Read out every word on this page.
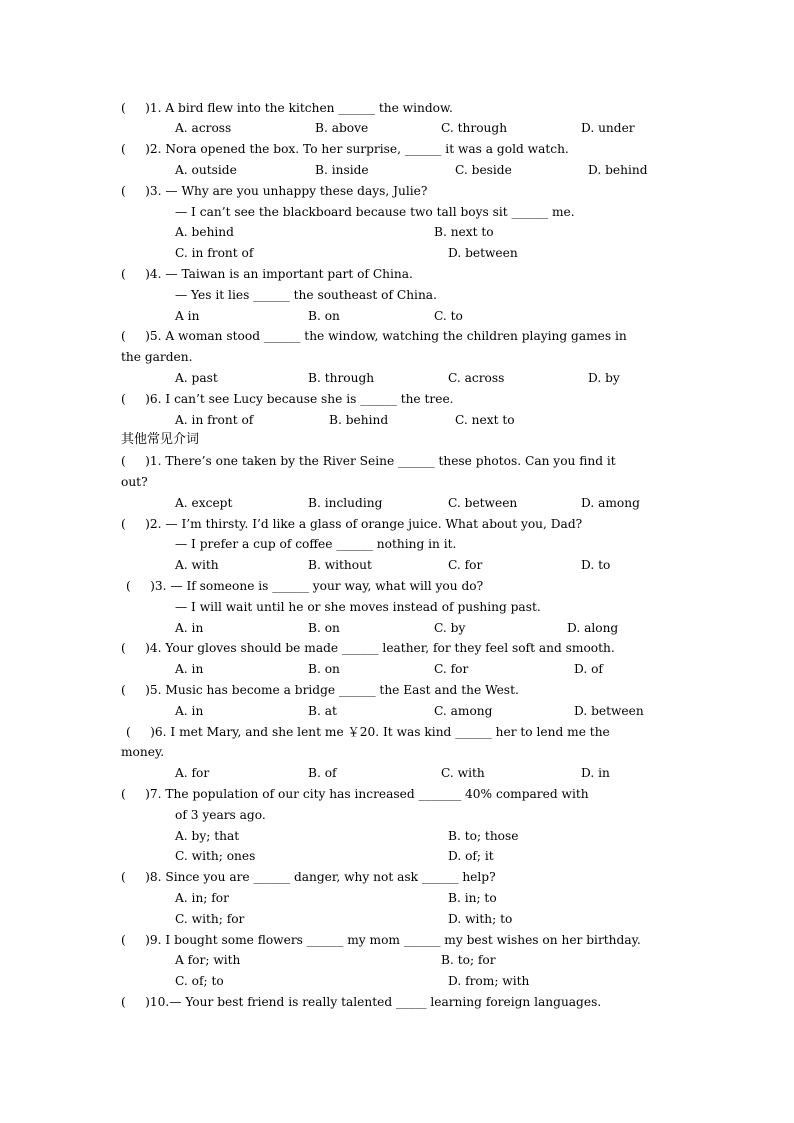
(     )1. A bird flew into the kitchen ______ the window.
A. across	B. above	C. through	D. under
(     )2. Nora opened the box. To her surprise, ______ it was a gold watch.
A. outside	B. inside	C. beside	D. behind
(     )3. — Why are you unhappy these days, Julie?
— I can’t see the blackboard because two tall boys sit ______ me.
A. behind	B. next to
C. in front of	D. between
(     )4. — Taiwan is an important part of China.
— Yes it lies ______ the southeast of China.
A in	B. on	C. to
(     )5. A woman stood ______ the window, watching the children playing games in
the garden.
A. past	B. through	C. across	D. by
(     )6. I can’t see Lucy because she is ______ the tree.
A. in front of	B. behind	C. next to
其他常见介词
(     )1. There’s one taken by the River Seine ______ these photos. Can you find it
out?
A. except	B. including	C. between	D. among
(     )2. — I’m thirsty. I’d like a glass of orange juice. What about you, Dad?
— I prefer a cup of coffee ______ nothing in it.
A. with	B. without	C. for	D. to
(     )3. — If someone is ______ your way, what will you do?
— I will wait until he or she moves instead of pushing past.
A. in	B. on	C. by	D. along
(     )4. Your gloves should be made ______ leather, for they feel soft and smooth.
A. in	B. on	C. for	D. of
(     )5. Music has become a bridge ______ the East and the West.
A. in	B. at	C. among	D. between
(     )6. I met Mary, and she lent me ￥20. It was kind ______ her to lend me the
money.
A. for	B. of	C. with	D. in
(     )7. The population of our city has increased _______ 40% compared with
of 3 years ago.
A. by; that	B. to; those
C. with; ones	D. of; it
(     )8. Since you are ______ danger, why not ask ______ help?
A. in; for	B. in; to
C. with; for	D. with; to
(     )9. I bought some flowers ______ my mom ______ my best wishes on her birthday.
A for; with	B. to; for
C. of; to	D. from; with
(     )10.— Your best friend is really talented _____ learning foreign languages.
